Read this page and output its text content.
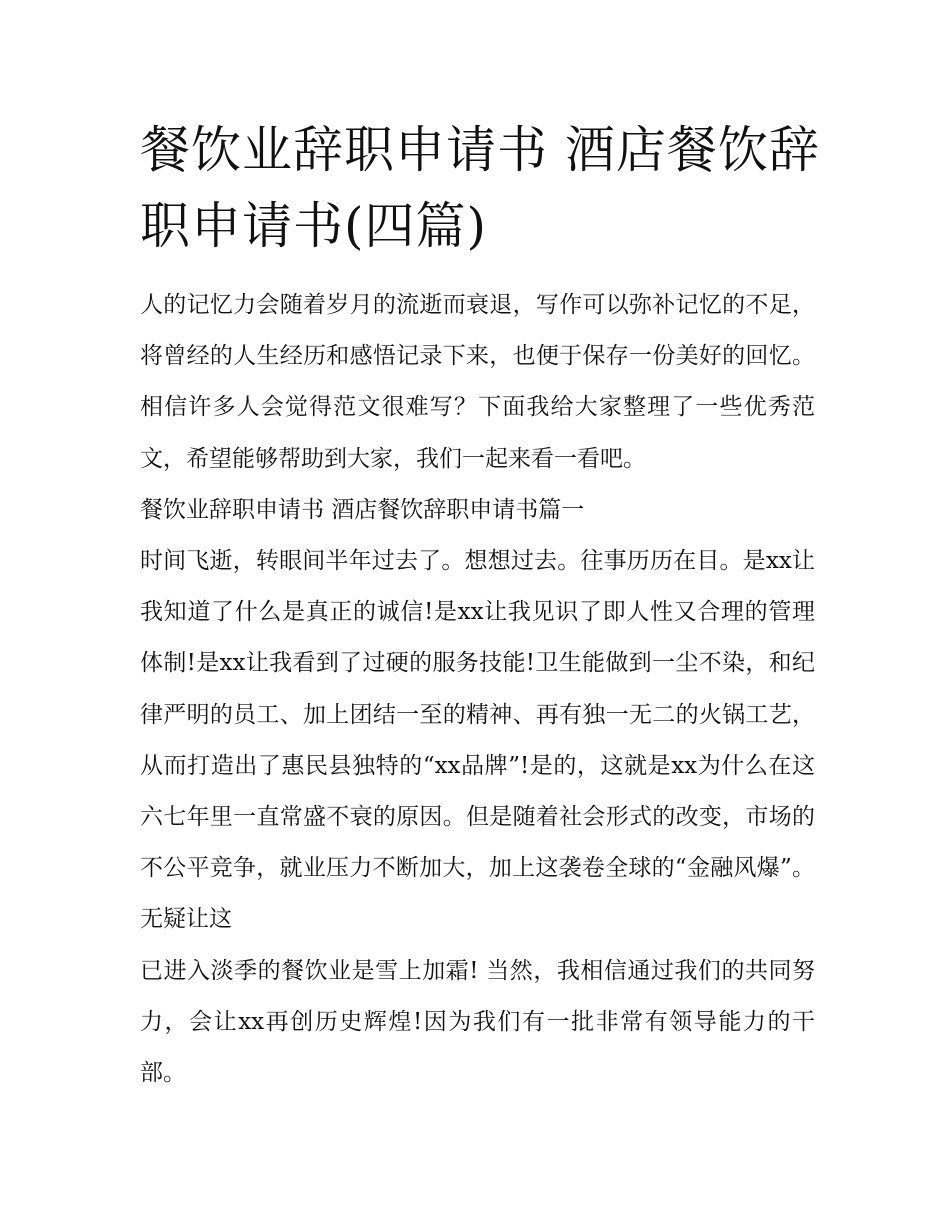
餐饮业辞职申请书 酒店餐饮辞职申请书(四篇)

人的记忆力会随着岁月的流逝而衰退，写作可以弥补记忆的不足，将曾经的人生经历和感悟记录下来，也便于保存一份美好的回忆。相信许多人会觉得范文很难写？下面我给大家整理了一些优秀范文，希望能够帮助到大家，我们一起来看一看吧。

餐饮业辞职申请书 酒店餐饮辞职申请书篇一

时间飞逝，转眼间半年过去了。想想过去。往事历历在目。是xx让我知道了什么是真正的诚信!是xx让我见识了即人性又合理的管理体制!是xx让我看到了过硬的服务技能!卫生能做到一尘不染，和纪律严明的员工、加上团结一至的精神、再有独一无二的火锅工艺，从而打造出了惠民县独特的“xx品牌”!是的，这就是xx为什么在这六七年里一直常盛不衰的原因。但是随着社会形式的改变，市场的不公平竞争，就业压力不断加大，加上这袭卷全球的“金融风爆”。无疑让这

已进入淡季的餐饮业是雪上加霜! 当然，我相信通过我们的共同努力，会让xx再创历史辉煌!因为我们有一批非常有领导能力的干部。
